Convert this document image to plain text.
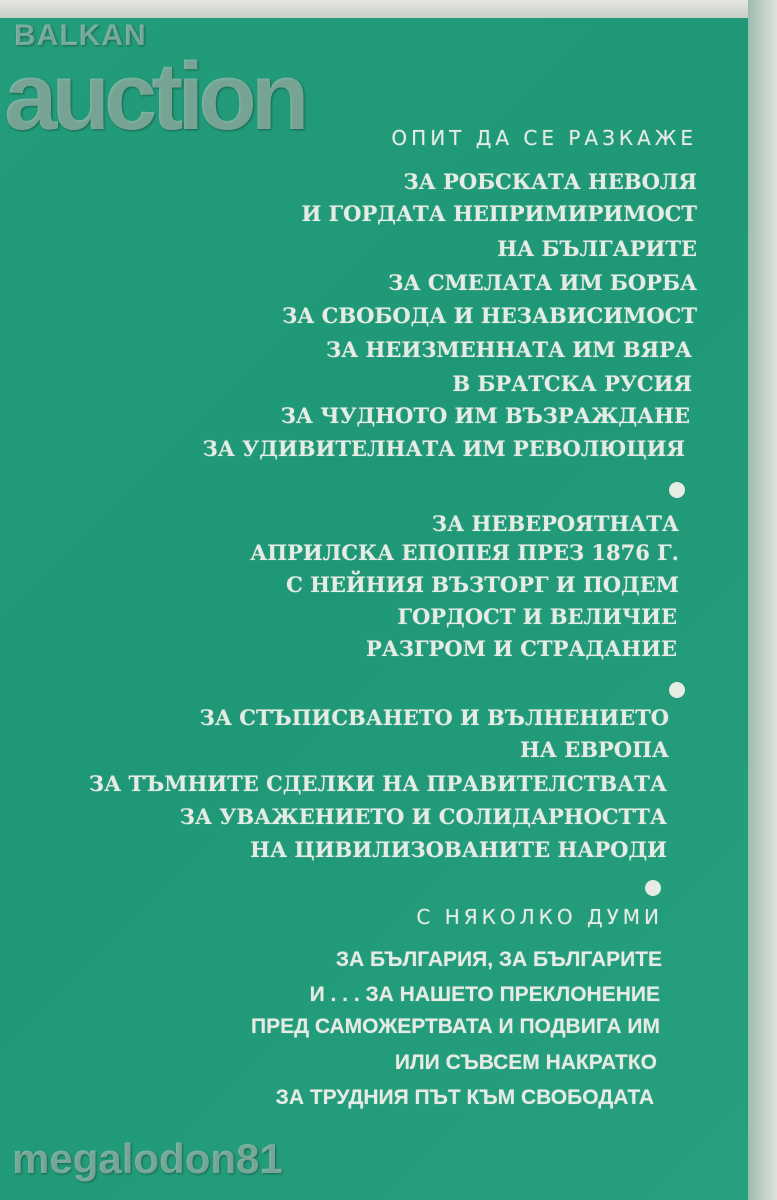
ОПИТ ДА СЕ РАЗКАЖЕ
ЗА РОБСКАТА НЕВОЛЯ
И ГОРДАТА НЕПРИМИРИМОСТ
НА БЪЛГАРИТЕ
ЗА СМЕЛАТА ИМ БОРБА
ЗА СВОБОДА И НЕЗАВИСИМОСТ
ЗА НЕИЗМЕННАТА ИМ ВЯРА
В БРАТСКА РУСИЯ
ЗА ЧУДНОТО ИМ ВЪЗРАЖДАНЕ
ЗА УДИВИТЕЛНАТА ИМ РЕВОЛЮЦИЯ
ЗА НЕВЕРОЯТНАТА
АПРИЛСКА ЕПОПЕЯ ПРЕЗ 1876 Г.
С НЕЙНИЯ ВЪЗТОРГ И ПОДЕМ
ГОРДОСТ И ВЕЛИЧИЕ
РАЗГРОМ И СТРАДАНИЕ
ЗА СТЪПИСВАНЕТО И ВЪЛНЕНИЕТО
НА ЕВРОПА
ЗА ТЪМНИТЕ СДЕЛКИ НА ПРАВИТЕЛСТВАТА
ЗА УВАЖЕНИЕТО И СОЛИДАРНОСТТА
НА ЦИВИЛИЗОВАНИТЕ НАРОДИ
С НЯКОЛКО ДУМИ
ЗА БЪЛГАРИЯ, ЗА БЪЛГАРИТЕ
И . . . ЗА НАШЕТО ПРЕКЛОНЕНИЕ
ПРЕД САМОЖЕРТВАТА И ПОДВИГА ИМ
ИЛИ СЪВСЕМ НАКРАТКО
ЗА ТРУДНИЯ ПЪТ КЪМ СВОБОДАТА
BALKAN
auction
megalodon81
